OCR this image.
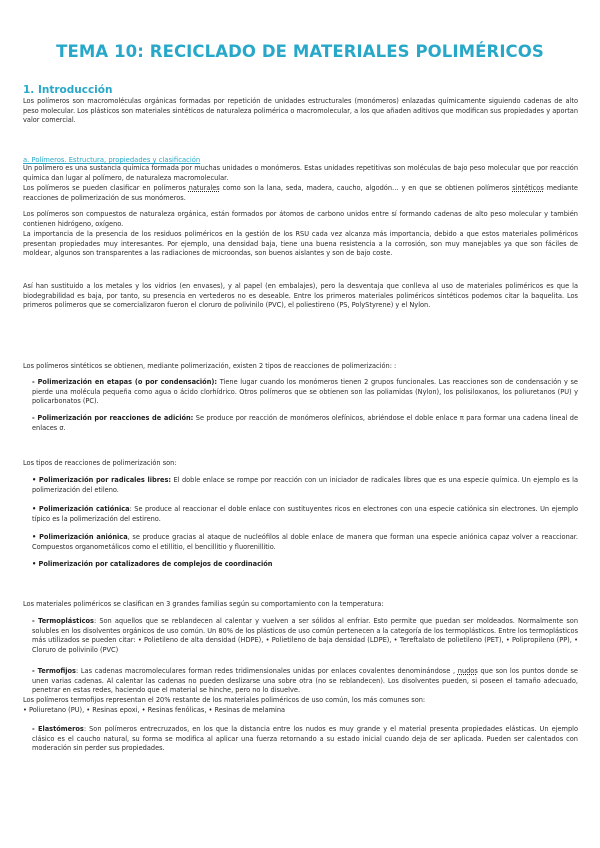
TEMA 10: RECICLADO DE MATERIALES POLIMÉRICOS
1. Introducción

Los polímeros son macromoléculas orgánicas formadas por repetición de unidades estructurales (monómeros) enlazadas químicamente siguiendo cadenas de alto peso molecular. Los plásticos son materiales sintéticos de naturaleza polimérica o macromolecular, a los que añaden aditivos que modifican sus propiedades y aportan valor comercial.

a. Polímeros. Estructura, propiedades y clasificación

Un polímero es una sustancia química formada por muchas unidades o monómeros. Estas unidades repetitivas son moléculas de bajo peso molecular que por reacción química dan lugar al polímero, de naturaleza macromolecular.

Los polímeros se pueden clasificar en polímeros naturales como son la lana, seda, madera, caucho, algodón… y en que se obtienen polímeros sintéticos mediante reacciones de polimerización de sus monómeros.

Los polímeros son compuestos de naturaleza orgánica, están formados por átomos de carbono unidos entre sí formando cadenas de alto peso molecular y también contienen hidrógeno, oxígeno.

La importancia de la presencia de los residuos poliméricos en la gestión de los RSU cada vez alcanza más importancia, debido a que estos materiales poliméricos presentan propiedades muy interesantes. Por ejemplo, una densidad baja, tiene una buena resistencia a la corrosión, son muy manejables ya que son fáciles de moldear, algunos son transparentes a las radiaciones de microondas, son buenos aislantes y son de bajo coste.

Así han sustituido a los metales y los vidrios (en envases), y al papel (en embalajes), pero la desventaja que conlleva al uso de materiales poliméricos es que la biodegrabilidad es baja, por tanto, su presencia en vertederos no es deseable. Entre los primeros materiales poliméricos sintéticos podemos citar la baquelita. Los primeros polímeros que se comercializaron fueron el cloruro de polivinilo (PVC), el poliestireno (PS, PolyStyrene) y el Nylon.

Los polímeros sintéticos se obtienen, mediante polimerización, existen 2 tipos de reacciones de polimerización: :

- Polimerización en etapas (o por condensación): Tiene lugar cuando los monómeros tienen 2 grupos funcionales. Las reacciones son de condensación y se pierde una molécula pequeña como agua o ácido clorhídrico. Otros polímeros que se obtienen son las poliamidas (Nylon), los polisiloxanos, los poliuretanos (PU) y policarbonatos (PC).

- Polimerización por reacciones de adición: Se produce por reacción de monómeros olefínicos, abriéndose el doble enlace π para formar una cadena lineal de enlaces σ.

Los tipos de reacciones de polimerización son:

• Polimerización por radicales libres: El doble enlace se rompe por reacción con un iniciador de radicales libres que es una especie química. Un ejemplo es la polimerización del etileno.

• Polimerización catiónica: Se produce al reaccionar el doble enlace con sustituyentes ricos en electrones con una especie catiónica sin electrones. Un ejemplo típico es la polimerización del estireno.

• Polimerización aniónica, se produce gracias al ataque de nucleófilos al doble enlace de manera que forman una especie aniónica capaz volver a reaccionar. Compuestos organometálicos como el etillitio, el bencillitio y fluorenillitio.

• Polimerización por catalizadores de complejos de coordinación

Los materiales poliméricos se clasifican en 3 grandes familias según su comportamiento con la temperatura:

- Termoplásticos: Son aquellos que se reblandecen al calentar y vuelven a ser sólidos al enfriar. Esto permite que puedan ser moldeados. Normalmente son solubles en los disolventes orgánicos de uso común. Un 80% de los plásticos de uso común pertenecen a la categoría de los termoplásticos. Entre los termoplásticos más utilizados se pueden citar: • Polietileno de alta densidad (HDPE), • Polietileno de baja densidad (LDPE), • Tereftalato de polietileno (PET), • Polipropileno (PP), • Cloruro de polivinilo (PVC)

- Termofijos: Las cadenas macromoleculares forman redes tridimensionales unidas por enlaces covalentes denominándose , nudos que son los puntos donde se unen varias cadenas. Al calentar las cadenas no pueden deslizarse una sobre otra (no se reblandecen). Los disolventes pueden, si poseen el tamaño adecuado, penetrar en estas redes, haciendo que el material se hinche, pero no lo disuelve.

Los polímeros termofijos representan el 20% restante de los materiales poliméricos de uso común, los más comunes son:

• Poliuretano (PU), • Resinas epoxi, • Resinas fenólicas, • Resinas de melamina

- Elastómeros: Son polímeros entrecruzados, en los que la distancia entre los nudos es muy grande y el material presenta propiedades elásticas. Un ejemplo clásico es el caucho natural, su forma se modifica al aplicar una fuerza retornando a su estado inicial cuando deja de ser aplicada. Pueden ser calentados con moderación sin perder sus propiedades.
